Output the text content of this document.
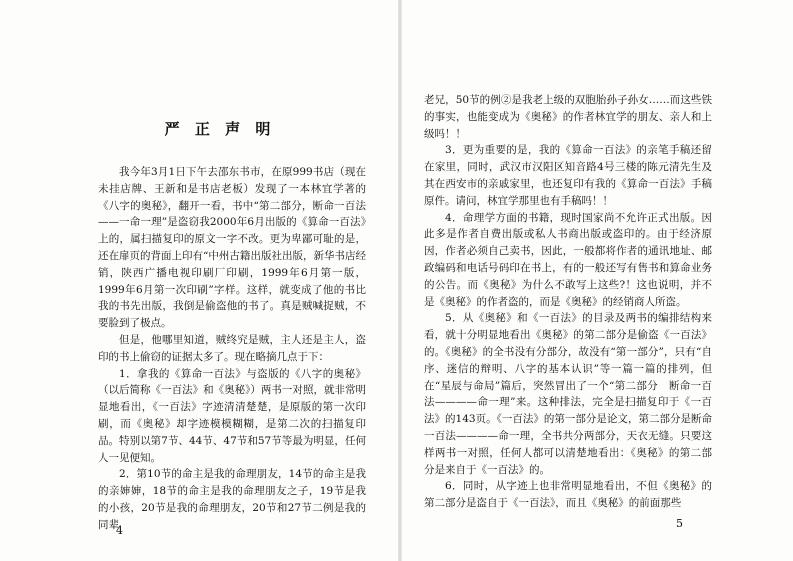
严 正 声 明

我今年3月1日下午去邵东书市，在原999书店（现在未挂店牌、王新和是书店老板）发现了一本林宜学著的《八字的奥秘》，翻开一看，书中“第二部分，断命一百法——一命一理”是盗窃我2000年6月出版的《算命一百法》上的，属扫描复印的原文一字不改。更为卑鄙可耻的是，还在扉页的背面上印有“中州古籍出版社出版，新华书店经销，陕西广播电视印刷厂印刷，1999年6月第一版，1999年6月第一次印刷”字样。这样，就变成了他的书比我的书先出版，我倒是偷盗他的书了。真是贼喊捉贼，不要脸到了极点。

但是，他哪里知道，贼终究是贼，主人还是主人，盗印的书上偷窃的证据太多了。现在略摘几点于下：

1．拿我的《算命一百法》与盗版的《八字的奥秘》（以后简称《一百法》和《奥秘》）两书一对照，就非常明显地看出，《一百法》字迹清清楚楚，是原版的第一次印刷，而《奥秘》却字迹模模糊糊，是第二次的扫描复印品。特别以第7节、44节、47节和57节等最为明显，任何人一见便知。

2．第10节的命主是我的命理朋友，14节的命主是我的亲婶婶，18节的命主是我的命理朋友之子，19节是我的小孩，20节是我的命理朋友，20节和27节二例是我的同辈

4

老兄，50节的例②是我老上级的双胞胎孙子孙女……而这些铁的事实，也能变成为《奥秘》的作者林宜学的朋友、亲人和上级吗！！

3．更为重要的是，我的《算命一百法》的亲笔手稿还留在家里，同时，武汉市汉阳区知音路4号三楼的陈元清先生及其在西安市的亲戚家里，也还复印有我的《算命一百法》手稿原件。请问，林宜学那里也有手稿吗！！

4．命理学方面的书籍，现时国家尚不允许正式出版。因此多是作者自费出版或私人书商出版或盗印的。由于经济原因，作者必须自己卖书，因此，一般都将作者的通讯地址、邮政编码和电话号码印在书上，有的一般还写有售书和算命业务的公告。而《奥秘》为什么不敢写上这些?！这也说明，并不是《奥秘》的作者盗的，而是《奥秘》的经销商人所盗。

5．从《奥秘》和《一百法》的目录及两书的编排结构来看，就十分明显地看出《奥秘》的第二部分是偷盗《一百法》的。《奥秘》的全书没有分部分，故没有“第一部分”，只有“自序、迷信的辩明、八字的基本认识”等一篇一篇的排列，但在“星辰与命局”篇后，突然冒出了一个“第二部分　断命一百法————命一理”来。这种排法，完全是扫描复印于《一百法》的143页。《一百法》的第一部分是论文，第二部分是断命一百法————命一理，全书共分两部分，天衣无缝。只要这样两书一对照，任何人都可以清楚地看出：《奥秘》的第二部分是来自于《一百法》的。

6．同时，从字迹上也非常明显地看出，不但《奥秘》的第二部分是盗自于《一百法》，而且《奥秘》的前面那些

5
